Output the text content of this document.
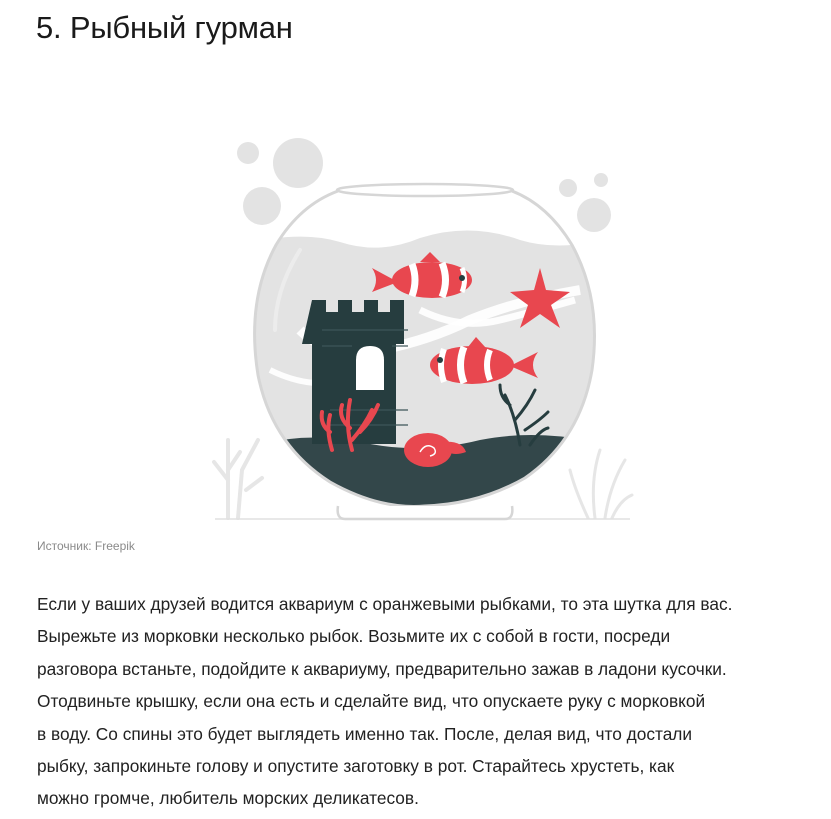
5. Рыбный гурман
Источник: Freepik

Если у ваших друзей водится аквариум с оранжевыми рыбками, то эта шутка для вас.
Вырежьте из морковки несколько рыбок. Возьмите их с собой в гости, посреди
разговора встаньте, подойдите к аквариуму, предварительно зажав в ладони кусочки.
Отодвиньте крышку, если она есть и сделайте вид, что опускаете руку с морковкой
в воду. Со спины это будет выглядеть именно так. После, делая вид, что достали
рыбку, запрокиньте голову и опустите заготовку в рот. Старайтесь хрустеть, как
можно громче, любитель морских деликатесов.
